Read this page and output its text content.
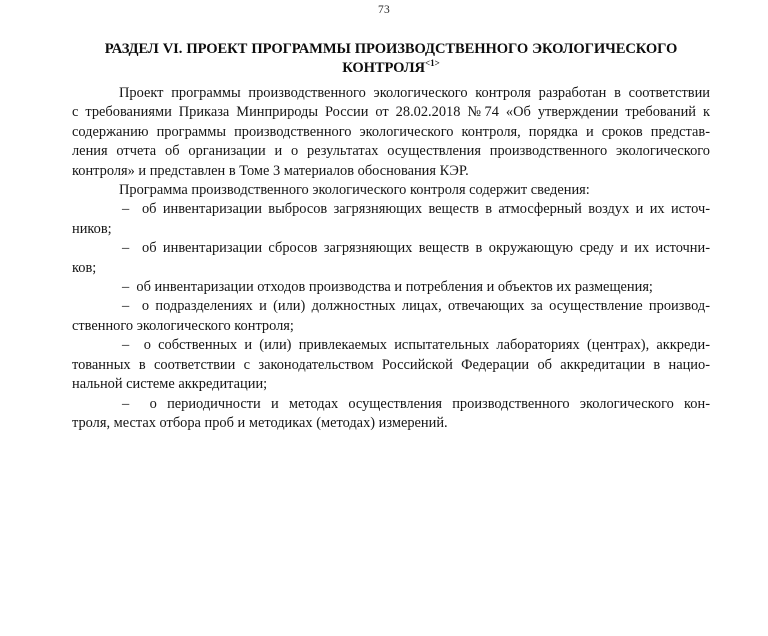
73
РАЗДЕЛ VI. ПРОЕКТ ПРОГРАММЫ ПРОИЗВОДСТВЕННОГО ЭКОЛОГИЧЕСКОГО $КОНТРОЛЯ^{<1>}$

Проект программы производственного экологического контроля разработан в соответствии
с требованиями Приказа Минприроды России от 28.02.2018 №74 «Об утверждении требований к
содержанию программы производственного экологического контроля, порядка и сроков представ-
ления отчета об организации и о результатах осуществления производственного экологического
контроля» и представлен в Томе 3 материалов обоснования КЭР.

Программа производственного экологического контроля содержит сведения:

– об инвентаризации выбросов загрязняющих веществ в атмосферный воздух и их источ-
ников;

– об инвентаризации сбросов загрязняющих веществ в окружающую среду и их источни-
ков;

– об инвентаризации отходов производства и потребления и объектов их размещения;

– о подразделениях и (или) должностных лицах, отвечающих за осуществление производ-
ственного экологического контроля;

– о собственных и (или) привлекаемых испытательных лабораториях (центрах), аккреди-
тованных в соответствии с законодательством Российской Федерации об аккредитации в нацио-
нальной системе аккредитации;

– о периодичности и методах осуществления производственного экологического кон-
троля, местах отбора проб и методиках (методах) измерений.
